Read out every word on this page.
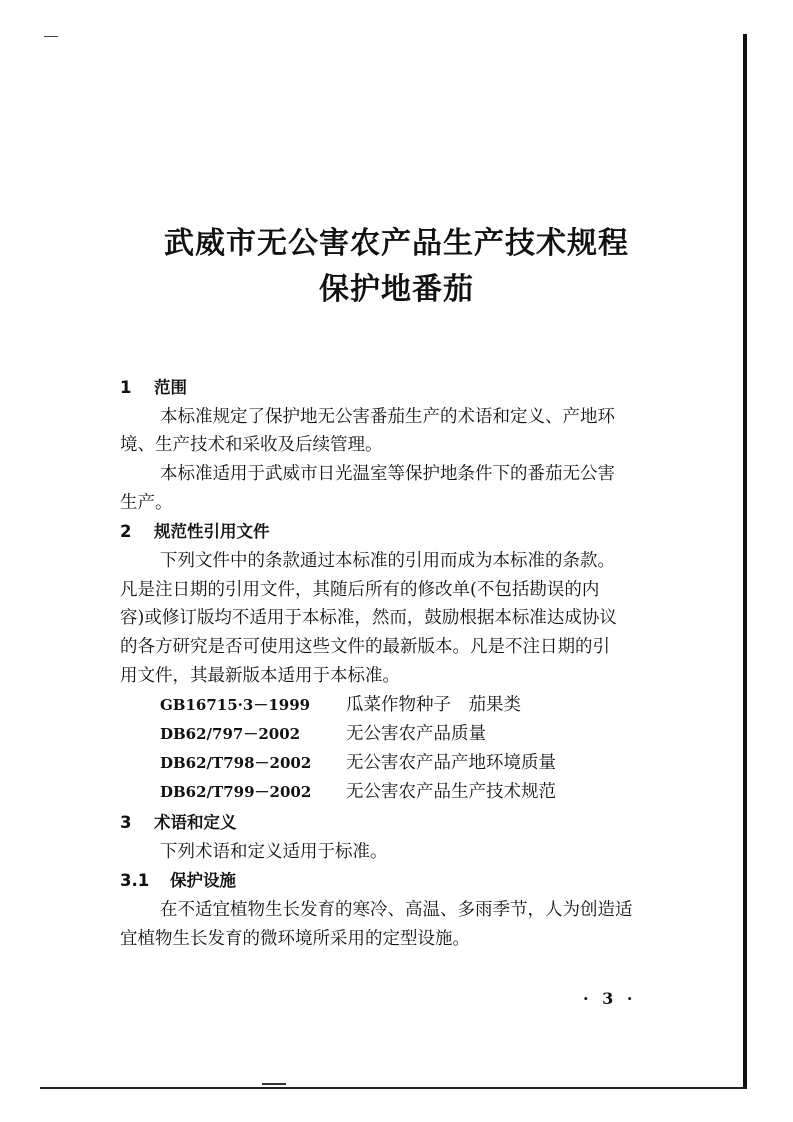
武威市无公害农产品生产技术规程
保护地番茄
1 范围
本标准规定了保护地无公害番茄生产的术语和定义、产地环
境、生产技术和采收及后续管理。
本标准适用于武威市日光温室等保护地条件下的番茄无公害
生产。
2 规范性引用文件
下列文件中的条款通过本标准的引用而成为本标准的条款。
凡是注日期的引用文件，其随后所有的修改单(不包括勘误的内
容)或修订版均不适用于本标准，然而，鼓励根据本标准达成协议
的各方研究是否可使用这些文件的最新版本。凡是不注日期的引
用文件，其最新版本适用于本标准。
GB16715·3－1999 瓜菜作物种子　茄果类
DB62/797－2002	无公害农产品质量
DB62/T798－2002 无公害农产品产地环境质量
DB62/T799－2002 无公害农产品生产技术规范
3 术语和定义
下列术语和定义适用于标准。
3.1 保护设施
在不适宜植物生长发育的寒冷、高温、多雨季节，人为创造适
宜植物生长发育的微环境所采用的定型设施。
· 3 ·
